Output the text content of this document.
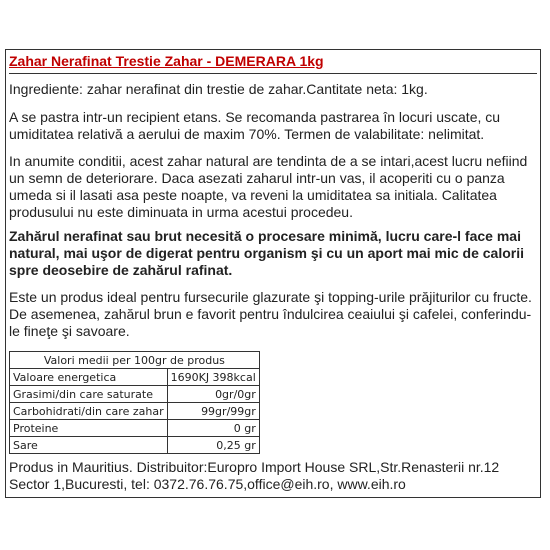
Zahar Nerafinat Trestie Zahar - DEMERARA 1kg

Ingrediente: zahar nerafinat din trestie de zahar.Cantitate neta: 1kg.

A se pastra intr-un recipient etans. Se recomanda pastrarea în locuri uscate, cu umiditatea relativă a aerului de maxim 70%. Termen de valabilitate: nelimitat.

In anumite conditii, acest zahar natural are tendinta de a se intari,acest lucru nefiind un semn de deteriorare. Daca asezati zaharul intr-un vas, il acoperiti cu o panza umeda si il lasati asa peste noapte, va reveni la umiditatea sa initiala. Calitatea produsului nu este diminuata in urma acestui procedeu.

Zahărul nerafinat sau brut necesită o procesare minimă, lucru care-l face mai natural, mai uşor de digerat pentru organism şi cu un aport mai mic de calorii spre deosebire de zahărul rafinat.

Este un produs ideal pentru fursecurile glazurate şi topping-urile prăjiturilor cu fructe. De asemenea, zahărul brun e favorit pentru îndulcirea ceaiului şi cafelei, conferindu-le fineţe şi savoare.

Valori medii per 100gr de produs	
Valoare energetica	1690KJ 398kcal
Grasimi/din care saturate	0gr/0gr
Carbohidrati/din care zahar	99gr/99gr
Proteine	0 gr
Sare	0,25 gr

Produs in Mauritius. Distribuitor:Europro Import House SRL,Str.Renasterii nr.12 Sector 1,Bucuresti, tel: 0372.76.76.75,office@eih.ro, www.eih.ro
